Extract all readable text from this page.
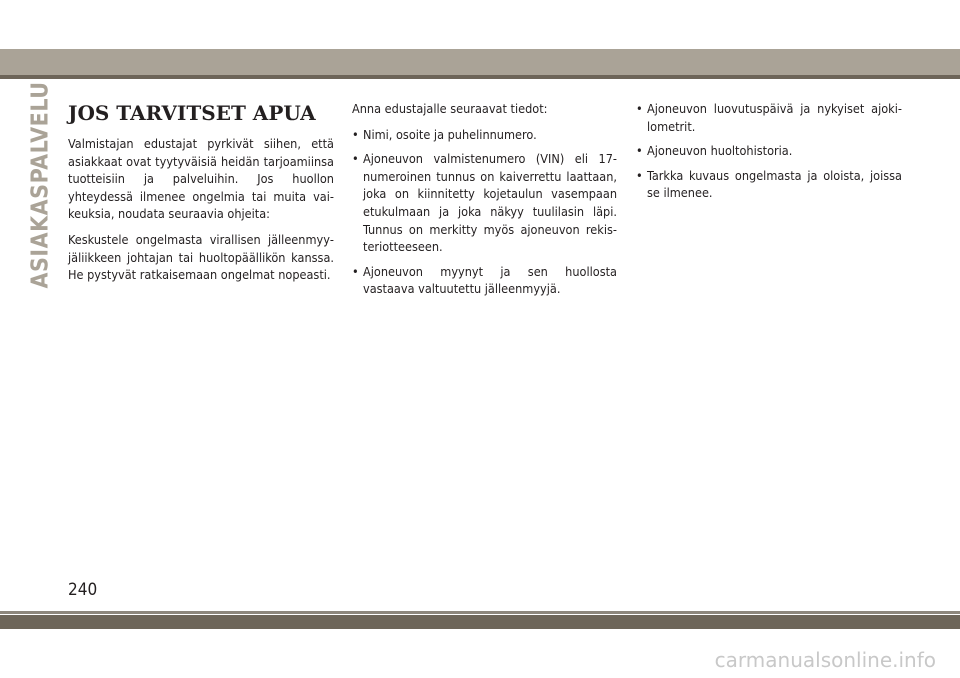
ASIAKASPALVELU JOS TARVITSET APUA

Valmistajan edustajat pyrkivät siihen, että asiakkaat ovat tyytyväisiä heidän tarjoamiinsa tuotteisiin ja palveluihin. Jos huollon yhteydessä ilmenee ongelmia tai muita vaikeuksia, noudata seuraavia ohjeita:

Keskustele ongelmasta virallisen jälleenmyyjäliikkeen johtajan tai huoltopäällikön kanssa. He pystyvät ratkaisemaan ongelmat nopeasti.

Anna edustajalle seuraavat tiedot:

• Nimi, osoite ja puhelinnumero.
• Ajoneuvon valmistenumero (VIN) eli 17-numeroinen tunnus on kaiverrettu laattaan, joka on kiinnitetty kojetaulun vasempaan etukulmaan ja joka näkyy tuulilasin läpi. Tunnus on merkitty myös ajoneuvon rekisteriotteeseen.
• Ajoneuvon myynyt ja sen huollosta vastaava valtuutettu jälleenmyyjä.
• Ajoneuvon luovutuspäivä ja nykyiset ajokilometrit.
• Ajoneuvon huoltohistoria.
• Tarkka kuvaus ongelmasta ja oloista, joissa se ilmenee.
240
carmanualsonline.info
